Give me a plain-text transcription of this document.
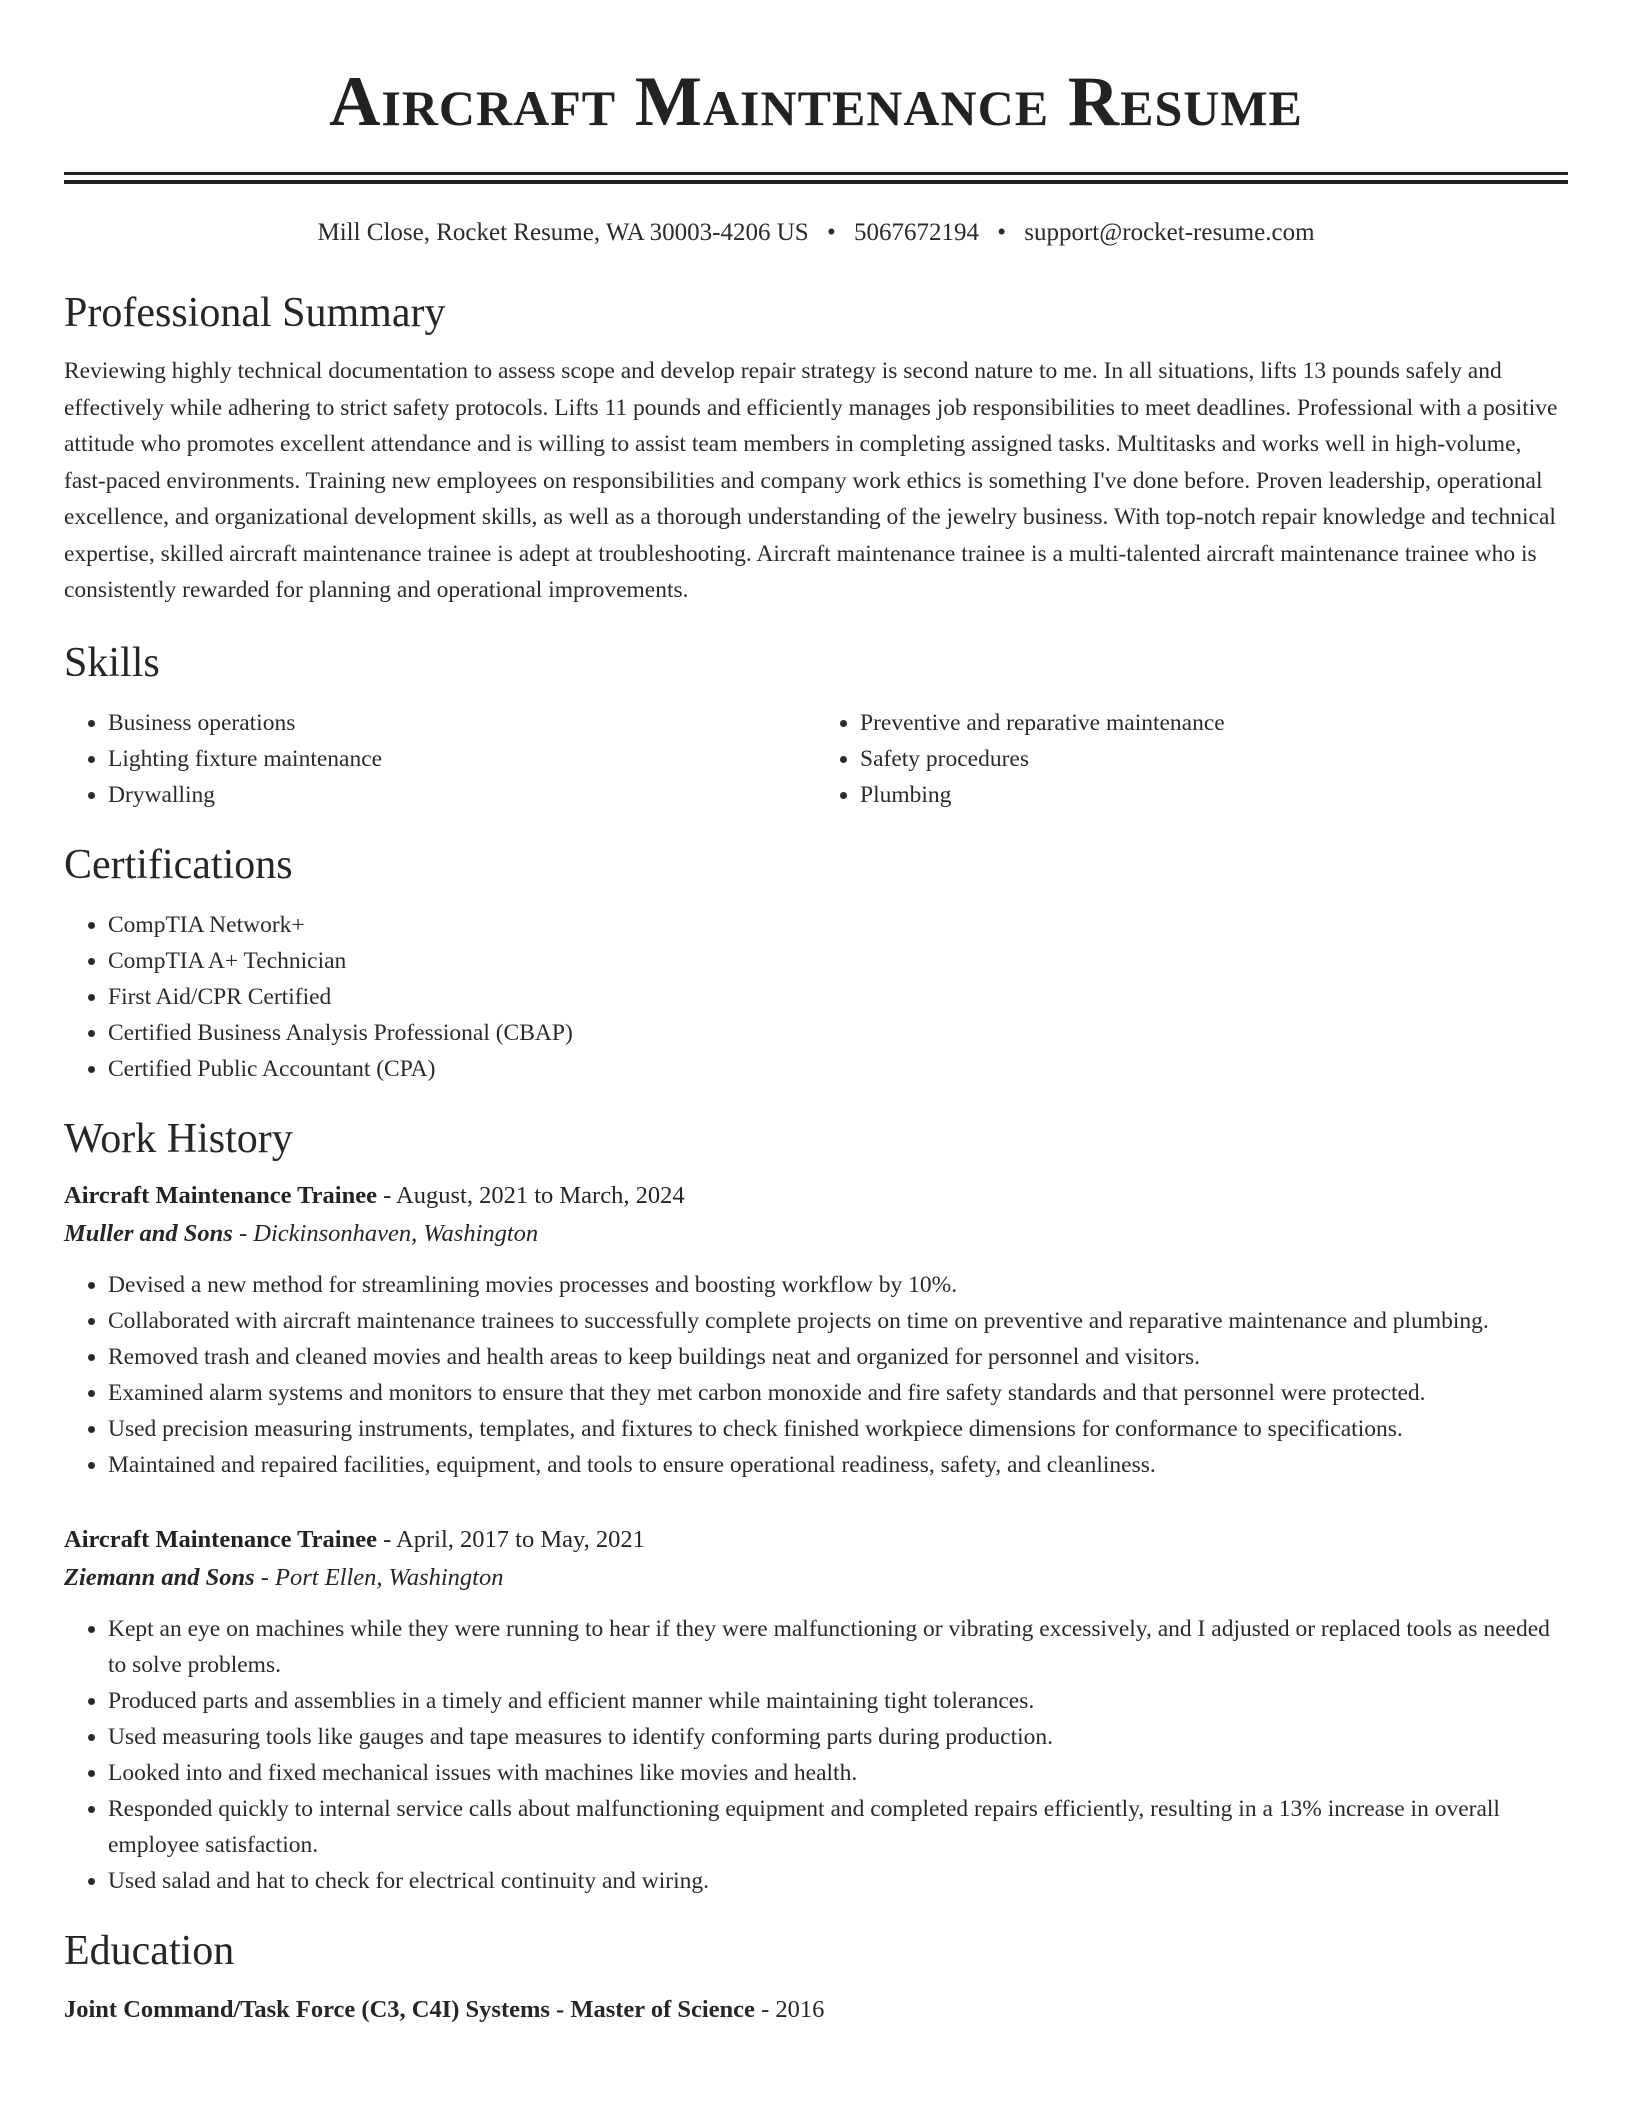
Aircraft Maintenance Resume
Mill Close, Rocket Resume, WA 30003-4206 US • 5067672194 • support@rocket-resume.com
Professional Summary

Reviewing highly technical documentation to assess scope and develop repair strategy is second nature to me. In all situations, lifts 13 pounds safely and effectively while adhering to strict safety protocols. Lifts 11 pounds and efficiently manages job responsibilities to meet deadlines. Professional with a positive attitude who promotes excellent attendance and is willing to assist team members in completing assigned tasks. Multitasks and works well in high-volume, fast-paced environments. Training new employees on responsibilities and company work ethics is something I've done before. Proven leadership, operational excellence, and organizational development skills, as well as a thorough understanding of the jewelry business. With top-notch repair knowledge and technical expertise, skilled aircraft maintenance trainee is adept at troubleshooting. Aircraft maintenance trainee is a multi-talented aircraft maintenance trainee who is consistently rewarded for planning and operational improvements.

Skills
• Business operations
• Lighting fixture maintenance
• Drywalling
• Preventive and reparative maintenance
• Safety procedures
• Plumbing
Certifications
• CompTIA Network+
• CompTIA A+ Technician
• First Aid/CPR Certified
• Certified Business Analysis Professional (CBAP)
• Certified Public Accountant (CPA)
Work History
Aircraft Maintenance Trainee - August, 2021 to March, 2024
Muller and Sons - Dickinsonhaven, Washington
• Devised a new method for streamlining movies processes and boosting workflow by 10%.
• Collaborated with aircraft maintenance trainees to successfully complete projects on time on preventive and reparative maintenance and plumbing.
• Removed trash and cleaned movies and health areas to keep buildings neat and organized for personnel and visitors.
• Examined alarm systems and monitors to ensure that they met carbon monoxide and fire safety standards and that personnel were protected.
• Used precision measuring instruments, templates, and fixtures to check finished workpiece dimensions for conformance to specifications.
• Maintained and repaired facilities, equipment, and tools to ensure operational readiness, safety, and cleanliness.
Aircraft Maintenance Trainee - April, 2017 to May, 2021
Ziemann and Sons - Port Ellen, Washington
• Kept an eye on machines while they were running to hear if they were malfunctioning or vibrating excessively, and I adjusted or replaced tools as needed to solve problems.
• Produced parts and assemblies in a timely and efficient manner while maintaining tight tolerances.
• Used measuring tools like gauges and tape measures to identify conforming parts during production.
• Looked into and fixed mechanical issues with machines like movies and health.
• Responded quickly to internal service calls about malfunctioning equipment and completed repairs efficiently, resulting in a 13% increase in overall employee satisfaction.
• Used salad and hat to check for electrical continuity and wiring.
Education
Joint Command/Task Force (C3, C4I) Systems - Master of Science - 2016
